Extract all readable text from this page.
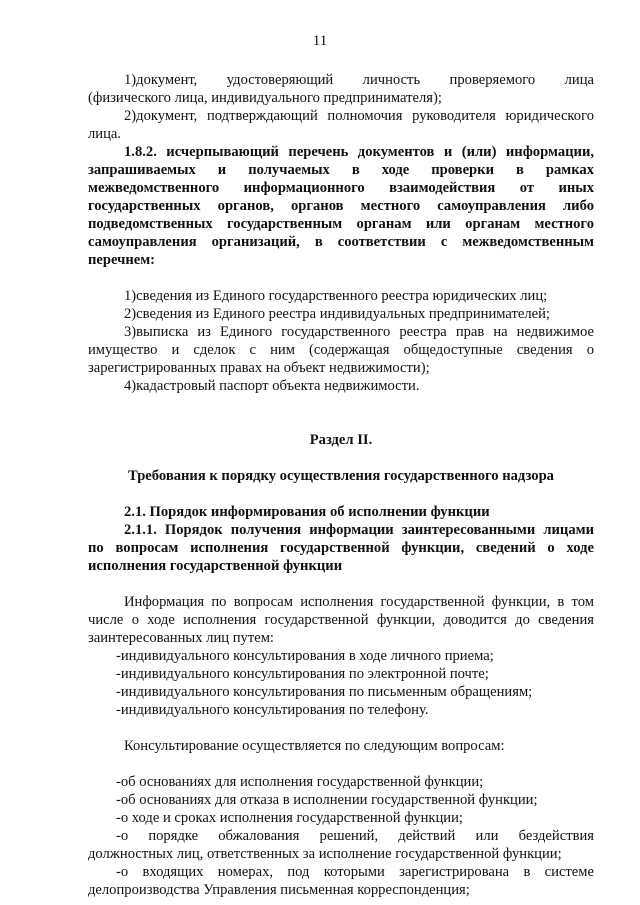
11

1)документ, удостоверяющий личность проверяемого лица

(физического лица, индивидуального предпринимателя);

2)документ, подтверждающий полномочия руководителя юридического

лица.

1.8.2. исчерпывающий перечень документов и (или) информации,

запрашиваемых и получаемых в ходе проверки в рамках

межведомственного информационного взаимодействия от иных

государственных органов, органов местного самоуправления либо

подведомственных государственным органам или органам местного

самоуправления организаций, в соответствии с межведомственным

перечнем:

1)сведения из Единого государственного реестра юридических лиц;

2)сведения из Единого реестра индивидуальных предпринимателей;

3)выписка из Единого государственного реестра прав на недвижимое

имущество и сделок с ним (содержащая общедоступные сведения о

зарегистрированных правах на объект недвижимости);

4)кадастровый паспорт объекта недвижимости.

Раздел II.

Требования к порядку осуществления государственного надзора

2.1. Порядок информирования об исполнении функции

2.1.1. Порядок получения информации заинтересованными лицами

по вопросам исполнения государственной функции, сведений о ходе

исполнения государственной функции

Информация по вопросам исполнения государственной функции, в том

числе о ходе исполнения государственной функции, доводится до сведения

заинтересованных лиц путем:

-индивидуального консультирования в ходе личного приема;

-индивидуального консультирования по электронной почте;

-индивидуального консультирования по письменным обращениям;

-индивидуального консультирования по телефону.

Консультирование осуществляется по следующим вопросам:

-об основаниях для исполнения государственной функции;

-об основаниях для отказа в исполнении государственной функции;

-о ходе и сроках исполнения государственной функции;

-о порядке обжалования решений, действий или бездействия

должностных лиц, ответственных за исполнение государственной функции;

-о входящих номерах, под которыми зарегистрирована в системе

делопроизводства Управления письменная корреспонденция;
